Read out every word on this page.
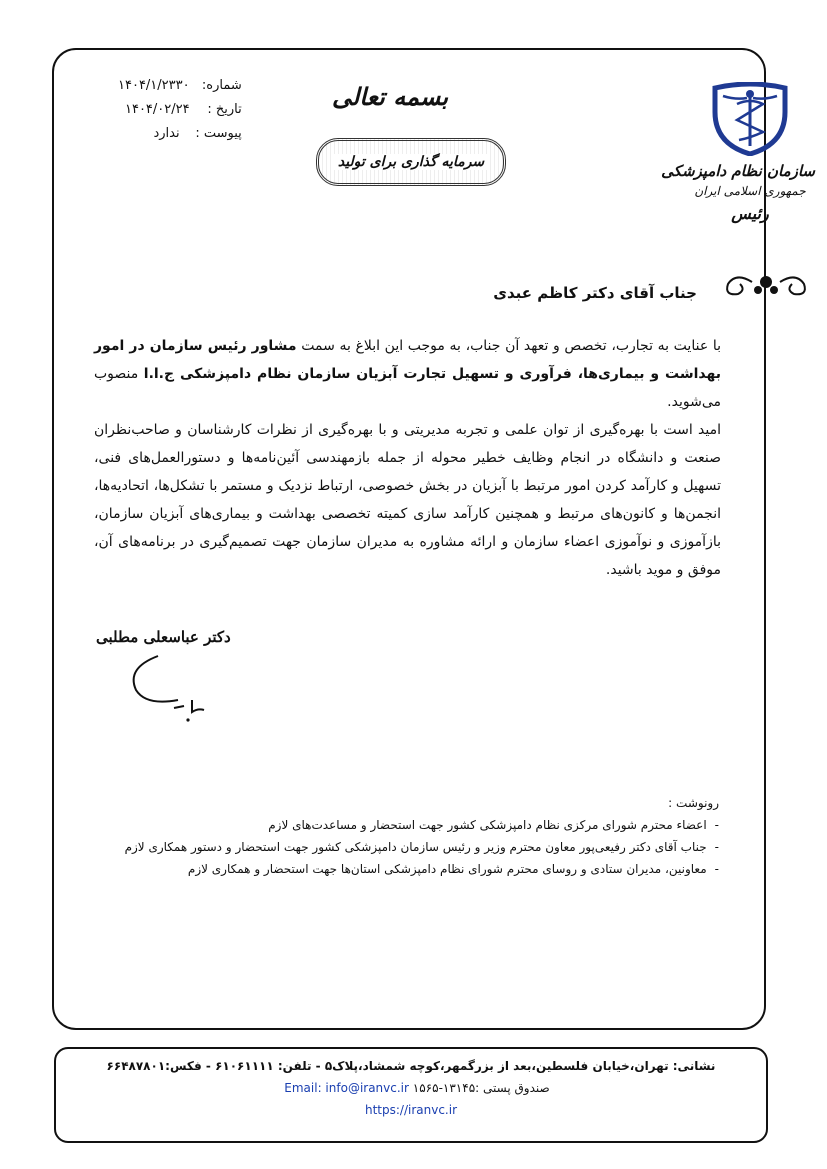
شماره: ۱۴۰۴/۱/۲۳۳۰
تاریخ : ۱۴۰۴/۰۲/۲۴
پیوست : ندارد
بسمه تعالی
سرمایه گذاری برای تولید	سازمان نظام دامپزشکی
جمهوری اسلامی ایران
رئیس
جناب آقای دکتر کاظم عبدی

با عنایت به تجارب، تخصص و تعهد آن جناب، به موجب این ابلاغ به سمت مشاور رئیس سازمان در امور بهداشت و بیماری‌ها، فرآوری و تسهیل تجارت آبزیان سازمان نظام دامپزشکی ج.ا.ا منصوب می‌شوید.

امید است با بهره‌گیری از توان علمی و تجربه مدیریتی و با بهره‌گیری از نظرات کارشناسان و صاحب‌نظران صنعت و دانشگاه در انجام وظایف خطیر محوله از جمله بازمهندسی آئین‌نامه‌ها و دستورالعمل‌های فنی، تسهیل و کارآمد کردن امور مرتبط با آبزیان در بخش خصوصی، ارتباط نزدیک و مستمر با تشکل‌ها، اتحادیه‌ها، انجمن‌ها و کانون‌های مرتبط و همچنین کارآمد سازی کمیته تخصصی بهداشت و بیماری‌های آبزیان سازمان، بازآموزی و نوآموزی اعضاء سازمان و ارائه مشاوره به مدیران سازمان جهت تصمیم‌گیری در برنامه‌های آن، موفق و موید باشید.

دکتر عباسعلی مطلبی
رونوشت :
-اعضاء محترم شورای مرکزی نظام دامپزشکی کشور جهت استحضار و مساعدت‌های لازم
-جناب آقای دکتر رفیعی‌پور معاون محترم وزیر و رئیس سازمان دامپزشکی کشور جهت استحضار و دستور همکاری لازم
-معاونین، مدیران ستادی و روسای محترم شورای نظام دامپزشکی استان‌ها جهت استحضار و همکاری لازم
نشانی: تهران،خیابان فلسطین،بعد از بزرگمهر،کوچه شمشاد،پلاک۵ - تلفن: ۶۱۰۶۱۱۱۱ - فکس:۶۶۴۸۷۸۰۱
صندوق پستی :۱۳۱۴۵-۱۵۶۵ Email: info@iranvc.ir
https://iranvc.ir
